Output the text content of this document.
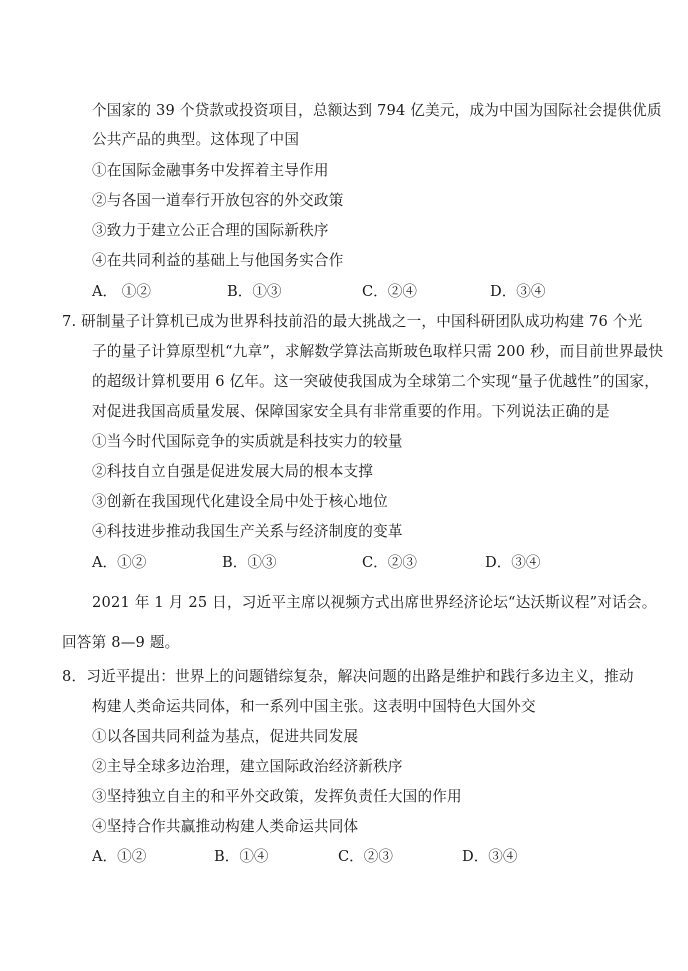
个国家的 39 个贷款或投资项目，总额达到 794 亿美元，成为中国为国际社会提供优质
公共产品的典型。这体现了中国
①在国际金融事务中发挥着主导作用
②与各国一道奉行开放包容的外交政策
③致力于建立公正合理的国际新秩序
④在共同利益的基础上与他国务实合作
A． ①②	B．①③	C．②④	D．③④
7. 研制量子计算机已成为世界科技前沿的最大挑战之一，中国科研团队成功构建 76 个光
子的量子计算原型机“九章”，求解数学算法高斯玻色取样只需 200 秒，而目前世界最快
的超级计算机要用 6 亿年。这一突破使我国成为全球第二个实现“量子优越性”的国家，
对促进我国高质量发展、保障国家安全具有非常重要的作用。下列说法正确的是
①当今时代国际竞争的实质就是科技实力的较量
②科技自立自强是促进发展大局的根本支撑
③创新在我国现代化建设全局中处于核心地位
④科技进步推动我国生产关系与经济制度的变革
A．①②	B．①③	C．②③	D．③④
2021 年 1 月 25 日，习近平主席以视频方式出席世界经济论坛“达沃斯议程”对话会。
回答第 8—9 题。
8．习近平提出：世界上的问题错综复杂，解决问题的出路是维护和践行多边主义，推动
构建人类命运共同体，和一系列中国主张。这表明中国特色大国外交
①以各国共同利益为基点，促进共同发展
②主导全球多边治理，建立国际政治经济新秩序
③坚持独立自主的和平外交政策，发挥负责任大国的作用
④坚持合作共赢推动构建人类命运共同体
A．①②	B．①④	C．②③	D．③④
